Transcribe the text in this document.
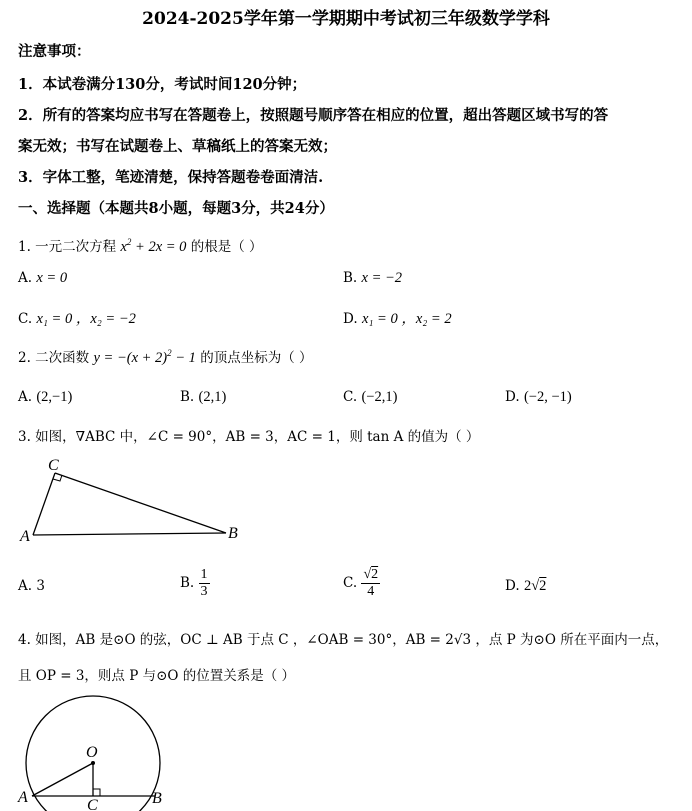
2024-2025学年第一学期期中考试初三年级数学学科
注意事项：
1．本试卷满分130分，考试时间120分钟；
2．所有的答案均应书写在答题卷上，按照题号顺序答在相应的位置，超出答题区域书写的答
案无效；书写在试题卷上、草稿纸上的答案无效；
3．字体工整，笔迹清楚，保持答题卷卷面清洁.
一、选择题（本题共8小题，每题3分，共24分）
1. 一元二次方程 $x^2 + 2x = 0$ 的根是（ ）
A. x = 0	B. x = −2
C. x₁ = 0 ，x₂ = −2	D. x₁ = 0 ，x₂ = 2
2. 二次函数 $y = -(x + 2)^2 - 1$ 的顶点坐标为（ ）
A. (2,−1)	B. (2,1)	C. (−2,1)	D. (−2, −1)
3. 如图，∇ABC 中，∠C = 90°，AB = 3，AC = 1，则 tan A 的值为（ ）
C
A	B
A. 3	B. $\frac{1}{3}$	C. $\frac{√2}{4}$	D. 2√2
4. 如图，AB 是⊙O 的弦，OC ⊥ AB 于点 C ，∠OAB = 30°，AB = 2√3 ，点 P 为⊙O 所在平面内一点，
且 OP = 3，则点 P 与⊙O 的位置关系是（ ）
O
A	B
C
